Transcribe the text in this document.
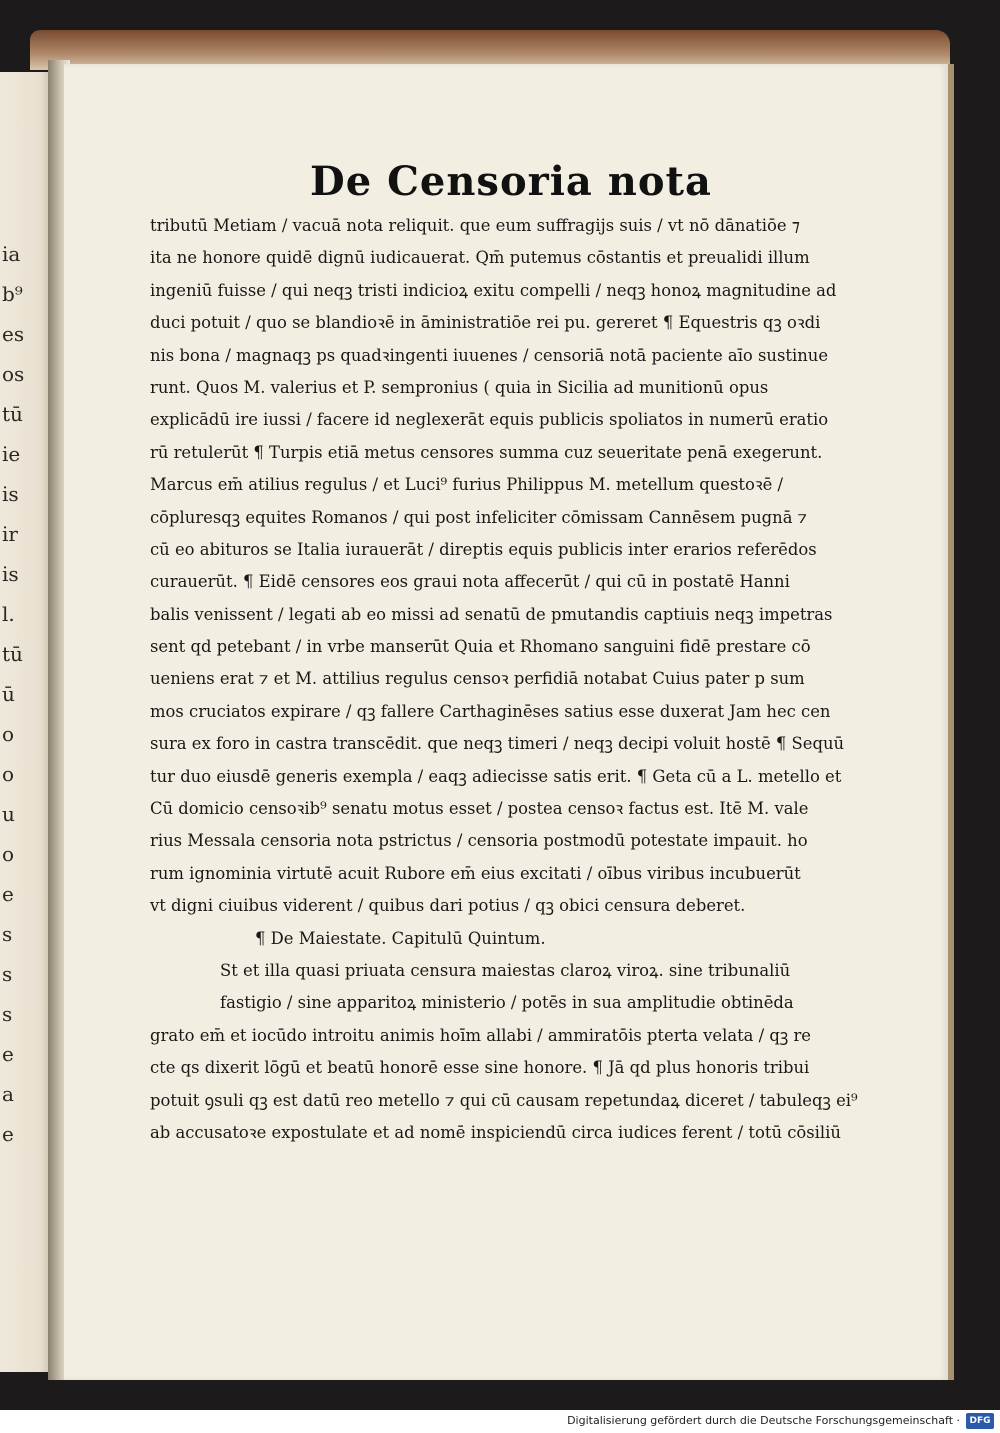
ia
b⁹
es
os
tū
ie
is
ir
is
l.
tū
ū
o
o
u
o
e
s
s
s
e
a
e
De Censoria nota
tributū Metiam / vacuā nota reliquit. que eum suffragijs suis / vt nō dānatiōe ⁊
ita ne honore quidē dignū iudicauerat. Qm̄ putemus cōstantis et preualidi illum
ingeniū fuisse / qui neqꝫ tristi indicioꝝ exitu compelli / neqꝫ honoꝝ magnitudine ad
duci potuit / quo se blandioꝛē in āministratiōe rei pu. gereret ¶ Equestris qꝫ oꝛdi
nis bona / magnaqꝫ ps quadꝛingenti iuuenes / censoriā notā paciente aīo sustinue
runt. Quos M. valerius et P. sempronius ( quia in Sicilia ad munitionū opus
explicādū ire iussi / facere id neglexerāt equis publicis spoliatos in numerū eratio
rū retulerūt ¶ Turpis etiā metus censores summa cuz seueritate penā exegerunt.
Marcus em̄ atilius regulus / et Luci⁹ furius Philippus M. metellum questoꝛē /
cōpluresqꝫ equites Romanos / qui post infeliciter cōmissam Cannēsem pugnā ⁊
cū eo abituros se Italia iurauerāt / direptis equis publicis inter erarios referēdos
curauerūt. ¶ Eidē censores eos graui nota affecerūt / qui cū in postatē Hanni
balis venissent / legati ab eo missi ad senatū de pmutandis captiuis neqꝫ impetras
sent qd petebant / in vrbe manserūt Quia et Rhomano sanguini fidē prestare cō
ueniens erat ⁊ et M. attilius regulus censoꝛ perfidiā notabat Cuius pater p sum
mos cruciatos expirare / qꝫ fallere Carthaginēses satius esse duxerat Jam hec cen
sura ex foro in castra transcēdit. que neqꝫ timeri / neqꝫ decipi voluit hostē ¶ Sequū
tur duo eiusdē generis exempla / eaqꝫ adiecisse satis erit. ¶ Geta cū a L. metello et
Cū domicio censoꝛib⁹ senatu motus esset / postea censoꝛ factus est. Itē M. vale
rius Messala censoria nota pstrictus / censoria postmodū potestate impauit. ho
rum ignominia virtutē acuit Rubore em̄ eius excitati / oībus viribus incubuerūt
vt digni ciuibus viderent / quibus dari potius / qꝫ obici censura deberet.
¶ De Maiestate. Capitulū Quintum.
St et illa quasi priuata censura maiestas claroꝝ viroꝝ. sine tribunaliū
fastigio / sine apparitoꝝ ministerio / potēs in sua amplitudie obtinēda
grato em̄ et iocūdo introitu animis hoīm allabi / ammiratōis pterta velata / qꝫ re
cte qs dixerit lōgū et beatū honorē esse sine honore. ¶ Jā qd plus honoris tribui
potuit ꝯsuli qꝫ est datū reo metello ⁊ qui cū causam repetundaꝝ diceret / tabuleqꝫ ei⁹
ab accusatoꝛe expostulate et ad nomē inspiciendū circa iudices ferent / totū cōsiliū
Digitalisierung gefördert durch die Deutsche Forschungsgemeinschaft ·	DFG
